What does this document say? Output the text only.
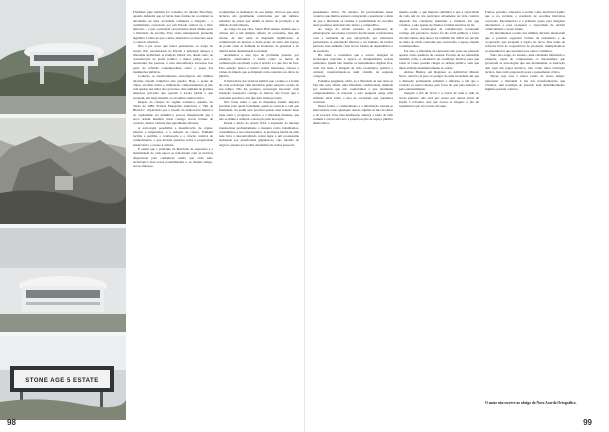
STONE AGE 5 ESTATE

Friedman (que também foi consultor do ditador Pinochet), quando defendia que só havia duas formas de coordenar as atividades de uma sociedade complexa e alargada – o totalitarismo controlado por um Estado central ou o livre mercado – e que a principal característica desta última seria a liberdade de escolha. Esta visão maniqueísta pretendia legitimar a ideia de que a única alternativa ao mercado seria o controlo absoluto.

Não é por acaso que tantos pensadores, ao longo do século XX, encontraram no Estado a principal ameaça à liberdade individual. A tradição liberal viu, desde cedo, na concentração de poder político o maior perigo para a autonomia das pessoas, e essa desconfiança atravessa boa parte da reflexão contemporânea sobre o papel das instituições públicas.

Contudo, as transformações tecnológicas das últimas décadas vieram complicar este quadro. Hoje, o poder de vigiar, recolher dados e influenciar comportamentos já não está apenas nas mãos dos governos, mas também de grandes empresas privadas que operam à escala global e que escapam, em larga medida, ao escrutínio democrático.

Depois do colapso do regime soviético, quando, no Verão de 1989, Francis Fukuyama anunciava o "fim da História", explicando que o triunfo da democracia liberal e do capitalismo era definitivo, poucos imaginavam que a nova ordem mundial traria consigo novas formas de controlo, menos visíveis mas igualmente eficazes.

A tecnologia possibilita a massificação de cópias, edições e impressões, e a redução de custos. Também facilita a partilha, a colaboração e a criação coletiva de conhecimento, o que levanta questões sobre a propriedade intelectual e o acesso à cultura.

É assim que o princípio da liberdade de expressão e a mentalidade de cada época se relacionam com as técnicas disponíveis para comunicar, sendo que cada salto tecnológico abre novas possibilidades e, ao mesmo tempo, novas ameaças.

acompanhar as mudanças do seu tempo. Nota-se que estas técnicas são geralmente controladas por um número reduzido de atores que detêm os meios de produção e de difusão da informação.

Ao longo da sua obra, Stuart Hall sempre insistiu que a cultura não é um simples reflexo da economia, mas um terreno de luta onde se disputam significados. A comunicação de massas é, deste ponto de vista, um espaço de poder onde se definem as fronteiras do pensável e do dizível numa determinada sociedade.

Atendemos a este tipo de problema quando, por exemplo, observamos a forma como os meios de comunicação escolhem o que é notícia e o que fica de fora. Esta seleção nunca é neutra: traduz interesses, valores e visões do mundo que se impõem como naturais aos olhos do público.

O historiador das técnicas lembra que o tempo e a forma de cada tecnologia vêm moldados pelas relações sociais do seu tempo. Não há, portanto, tecnologia inocente: cada invenção transporta consigo as marcas das forças que a tornaram possível e das que dela tiram proveito.

Não basta saber o que as máquinas fazem; importa perceber para quem trabalham, quem as controla e com que finalidade. Só assim será possível pensar uma relação mais justa entre o progresso técnico e a liberdade humana, que não se limite a celebrar a inovação pela inovação.

Desde o início do século XXI, a expansão da internet transformou profundamente a maneira como trabalhamos, consumimos e nos relacionamos. A promessa inicial de uma rede livre e descentralizada cedeu lugar a um ecossistema dominado por plataformas gigantescas, cujo modelo de negócio assenta na recolha sistemática de dados pessoais.

98	99

pensamento crítico. No entanto, foi precisamente nesse contexto que muitos autores começaram a questionar a ideia de que a liberdade se resume à possibilidade de escolher entre produtos num mercado aberto e competitivo.

Ao longo do século passado, as promessas de emancipação associadas à técnica foram sendo confrontadas com a realidade da sua apropriação por interesses particulares. A automação libertou o ser humano de tarefas penosas, mas também criou novas formas de dependência e de exclusão.

Há ainda a considerar que o acesso desigual às tecnologias reproduz e agrava as desigualdades sociais existentes. Quem não domina os instrumentos digitais fica, cada vez mais, à margem da vida económica, política e cultural, transformando-se num cidadão de segunda categoria.

Podemos perguntar, então, se a liberdade de que tanto se fala não será, afinal, uma liberdade condicionada, limitada por estruturas que não controlamos e que raramente compreendemos. A resposta a esta pergunta exige uma reflexão séria sobre o tipo de sociedade que queremos construir.

Dessa forma, o conhecimento e a informação tornam-se mercadorias como quaisquer outras, sujeitas às leis da oferta e da procura. Esta mercantilização ameaça a ideia de bem comum e coloca em risco a própria noção de espaço público democrático.

mesmo assim, o que importa sublinhar é que a capacidade de cada um de nós participar ativamente na vida coletiva depende das condições materiais e culturais em que vivemos, e não apenas de direitos formais inscritos na lei.

As novas tecnologias de comunicação trouxeram consigo um paradoxo: nunca foi tão fácil publicar e fazer circular ideias, mas nunca foi também tão difícil ser ouvido no meio do ruído constante que caracteriza o espaço digital contemporâneo.

Por isso, a liberdade de expressão não pode ser pensada apenas como ausência de censura. Precisa de ser entendida também como a existência de condições efetivas para que todas as vozes possam chegar ao debate público, sem que umas abafem sistematicamente as outras.

Aldous Huxley, em Regresso ao Admirável Mundo Novo, alertava já para os perigos de uma sociedade em que a distração permanente substitui a reflexão, e em que o controlo se exerce menos pela força do que pela sedução e pelo entretenimento.

Imagine o fim da Terra e a morte de toda a vida no nosso planeta; não será por acaso que tantas obras de ficção o retratam, sem que nunca se imagine o fim do capitalismo que nos trouxe até aqui.

Fomos, portanto, educados a aceitar como inevitável aquilo que é, na verdade, o resultado de escolhas históricas concretas. Reconhecê-lo é o primeiro passo para imaginar alternativas e para recuperar a capacidade de decidir coletivamente o nosso futuro.

Os movimentos sociais das últimas décadas mostraram que é possível organizar formas de resistência e de cooperação que escapam à lógica do lucro. Das redes de software livre às cooperativas de produção, multiplicam-se as experiências que apontam para outros caminhos.

Tudo isto exige, no entanto, uma cidadania informada e exigente, capaz de compreender os mecanismos que governam as tecnologias que usa diariamente. A educação tem aqui um papel decisivo, não como mera formação técnica, mas como preparação para o pensamento crítico.

Talvez seja essa a maior tarefa do nosso tempo: reinventar a liberdade à luz das transformações que vivemos, sem nostalgia do passado nem deslumbramento ingénuo perante o futuro.

O autor não escreve ao abrigo do Novo Acordo Ortográfico.
